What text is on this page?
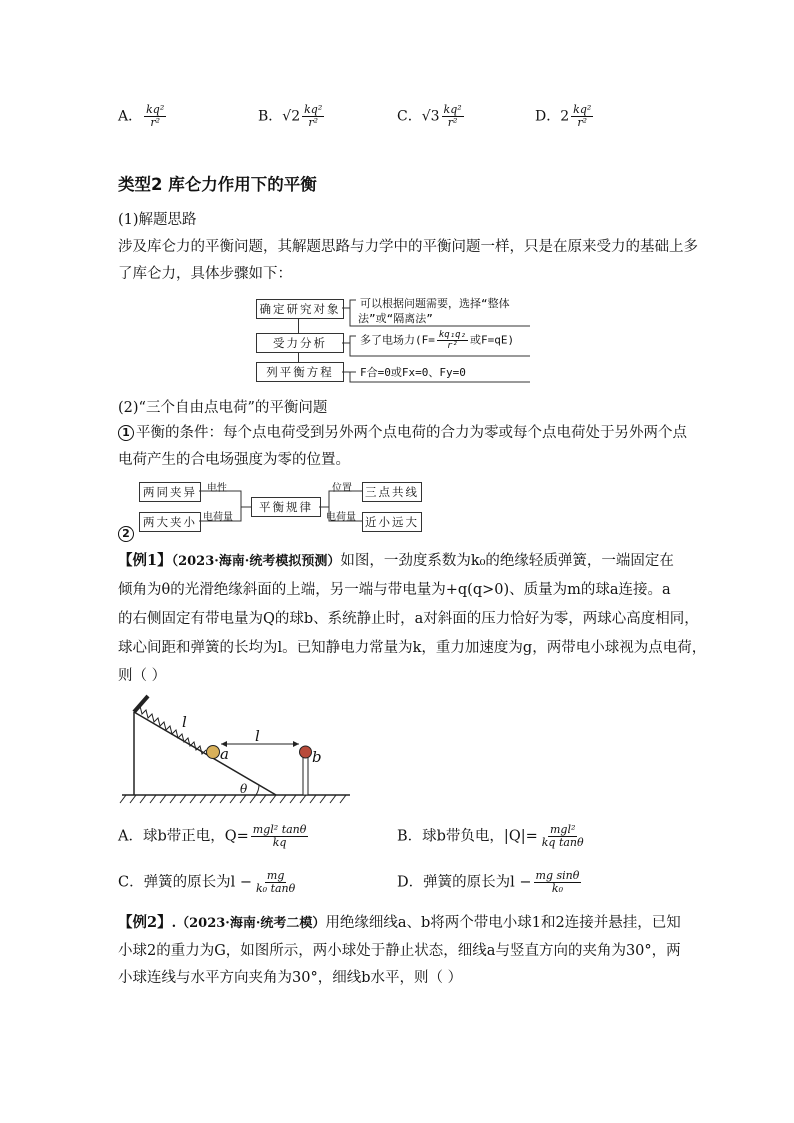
A． $\frac{\text{kq²}}{\text{r²}}$	B．$√2 \frac{\text{kq²}}{\text{r²}}$	C．$√3 \frac{\text{kq²}}{\text{r²}}$	D．$2 \frac{\text{kq²}}{\text{r²}}$
类型2 库仑力作用下的平衡
(1)解题思路
涉及库仑力的平衡问题，其解题思路与力学中的平衡问题一样，只是在原来受力的基础上多
了库仑力，具体步骤如下：
确定研究对象
受力分析
列平衡方程
可以根据问题需要，选择“整体
法”或“隔离法”
多了电场力($F= \frac{\text{kq₁q₂}}{\text{r²}}$ 或F=qE)
F合=0或Fx=0、Fy=0
(2)“三个自由点电荷”的平衡问题
1 平衡的条件：每个点电荷受到另外两个点电荷的合力为零或每个点电荷处于另外两个点
电荷产生的合电场强度为零的位置。
2
两同夹异
两大夹小
平衡规律
三点共线
近小远大
电性
电荷量
位置
电荷量
【例1】（2023·海南·统考模拟预测）如图，一劲度系数为k₀的绝缘轻质弹簧，一端固定在
倾角为θ的光滑绝缘斜面的上端，另一端与带电量为+q(q>0)、质量为m的球a连接。a
的右侧固定有带电量为Q的球b、系统静止时，a对斜面的压力恰好为零，两球心高度相同，
球心间距和弹簧的长均为l。已知静电力常量为k，重力加速度为g，两带电小球视为点电荷，
则（ ）
l
l
a	b
θ
A．球b带正电，$Q= \frac{\text{mgl² tanθ}}{kq}$	B．球b带负电，$|Q|= \frac{\text{mgl²}}{\text{kq tanθ}}$
C．弹簧的原长为$l - \frac{mg}{\text{k₀ tanθ}}$	D．弹簧的原长为$l - \frac{\text{mg sinθ}}{\text{k₀}}$
【例2】.（2023·海南·统考二模）用绝缘细线a、b将两个带电小球1和2连接并悬挂，已知
小球2的重力为G，如图所示，两小球处于静止状态，细线a与竖直方向的夹角为30°，两
小球连线与水平方向夹角为30°，细线b水平，则（ ）
